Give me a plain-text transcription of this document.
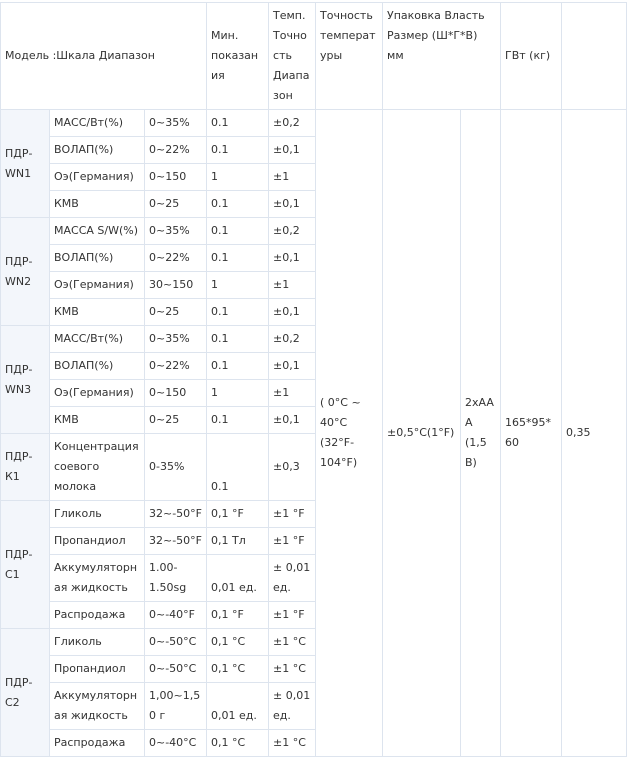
Модель :Шкала Диапазон			Мин. показания	Темп. Точность Диапазон	Точность температуры	Упаковка Власть Размер (Ш*Г*В) мм		ГВт (кг)		
ПДР-WN1	МАСС/Вт(%)	0~35%	0.1	±0,2	( 0°C ~ 40°C (32°F- 104°F)	±0,5°C(1°F)	2xAAA (1,5 В)	165*95*60	0,35	
	ВОЛАП(%)	0~22%	0.1	±0,1						
	Оэ(Германия)	0~150	1	±1						
	КМВ	0~25	0.1	±0,1						
ПДР-WN2	МАССА S/W(%)	0~35%	0.1	±0,2						
	ВОЛАП(%)	0~22%	0.1	±0,1						
	Оэ(Германия)	30~150	1	±1						
	КМВ	0~25	0.1	±0,1						
ПДР-WN3	МАСС/Вт(%)	0~35%	0.1	±0,2						
	ВОЛАП(%)	0~22%	0.1	±0,1						
	Оэ(Германия)	0~150	1	±1						
	КМВ	0~25	0.1	±0,1						
ПДР-К1	Концентрация соевого молока	0-35%	0.1	±0,3						
ПДР-С1	Гликоль	32~-50°F	0,1 °F	±1 °F						
	Пропандиол	32~-50°F	0,1 Тл	±1 °F						
	Аккумуляторная жидкость	1.00-1.50sg	0,01 ед.	± 0,01 ед.						
	Распродажа	0~-40°F	0,1 °F	±1 °F						
ПДР-С2	Гликоль	0~-50°C	0,1 °C	±1 °C						
	Пропандиол	0~-50°C	0,1 °C	±1 °C						
	Аккумуляторная жидкость	1,00~1,50 г	0,01 ед.	± 0,01 ед.						
	Распродажа	0~-40°C	0,1 °C	±1 °C						
